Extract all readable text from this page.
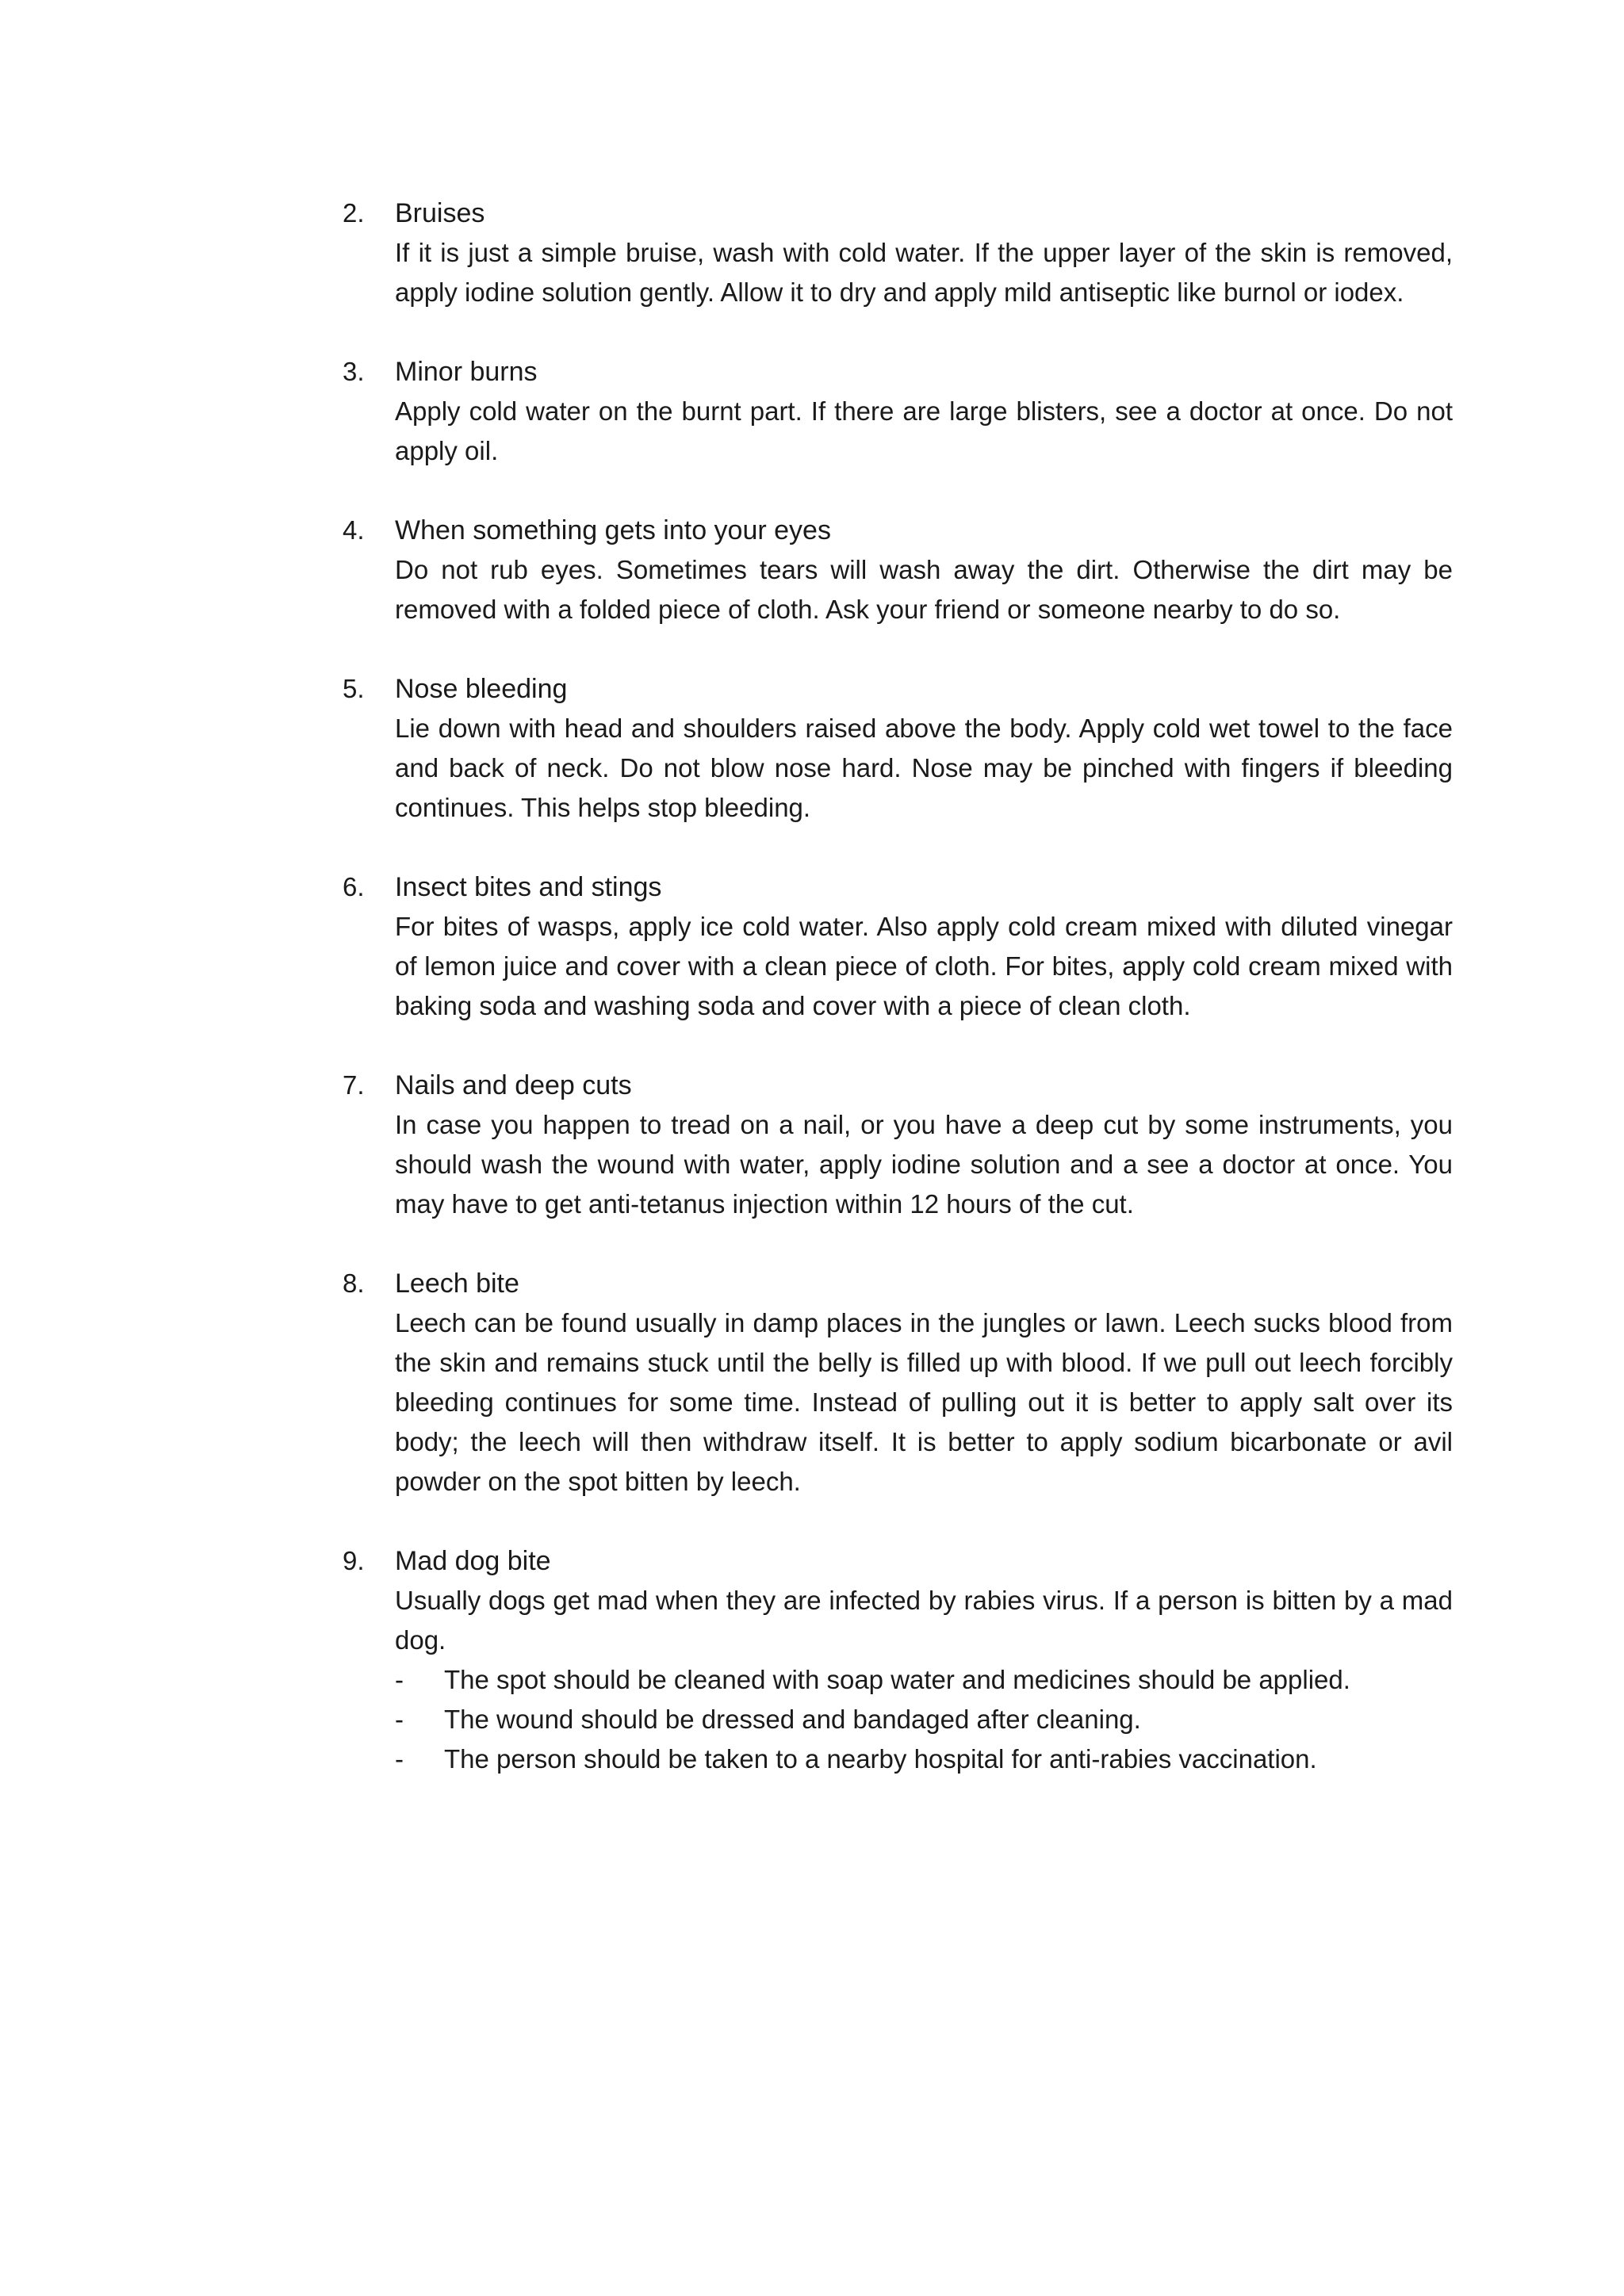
2.	Bruises

If it is just a simple bruise, wash with cold water. If the upper layer of the skin is removed, apply iodine solution gently. Allow it to dry and apply mild antiseptic like burnol or iodex.

3.	Minor burns

Apply cold water on the burnt part. If there are large blisters, see a doctor at once. Do not apply oil.

4.	When something gets into your eyes

Do not rub eyes. Sometimes tears will wash away the dirt. Otherwise the dirt may be removed with a folded piece of cloth. Ask your friend or someone nearby to do so.

5.	Nose bleeding

Lie down with head and shoulders raised above the body. Apply cold wet towel to the face and back of neck. Do not blow nose hard. Nose may be pinched with fingers if bleeding continues. This helps stop bleeding.

6.	Insect bites and stings

For bites of wasps, apply ice cold water. Also apply cold cream mixed with diluted vinegar of lemon juice and cover with a clean piece of cloth. For bites, apply cold cream mixed with baking soda and washing soda and cover with a piece of clean cloth.

7.	Nails and deep cuts

In case you happen to tread on a nail, or you have a deep cut by some instruments, you should wash the wound with water, apply iodine solution and a see a doctor at once. You may have to get anti-tetanus injection within 12 hours of the cut.

8.	Leech bite

Leech can be found usually in damp places in the jungles or lawn. Leech sucks blood from the skin and remains stuck until the belly is filled up with blood. If we pull out leech forcibly bleeding continues for some time. Instead of pulling out it is better to apply salt over its body; the leech will then withdraw itself. It is better to apply sodium bicarbonate or avil powder on the spot bitten by leech.

9.	Mad dog bite

Usually dogs get mad when they are infected by rabies virus. If a person is bitten by a mad dog.

- The spot should be cleaned with soap water and medicines should be applied.
- The wound should be dressed and bandaged after cleaning.
- The person should be taken to a nearby hospital for anti-rabies vaccination.
